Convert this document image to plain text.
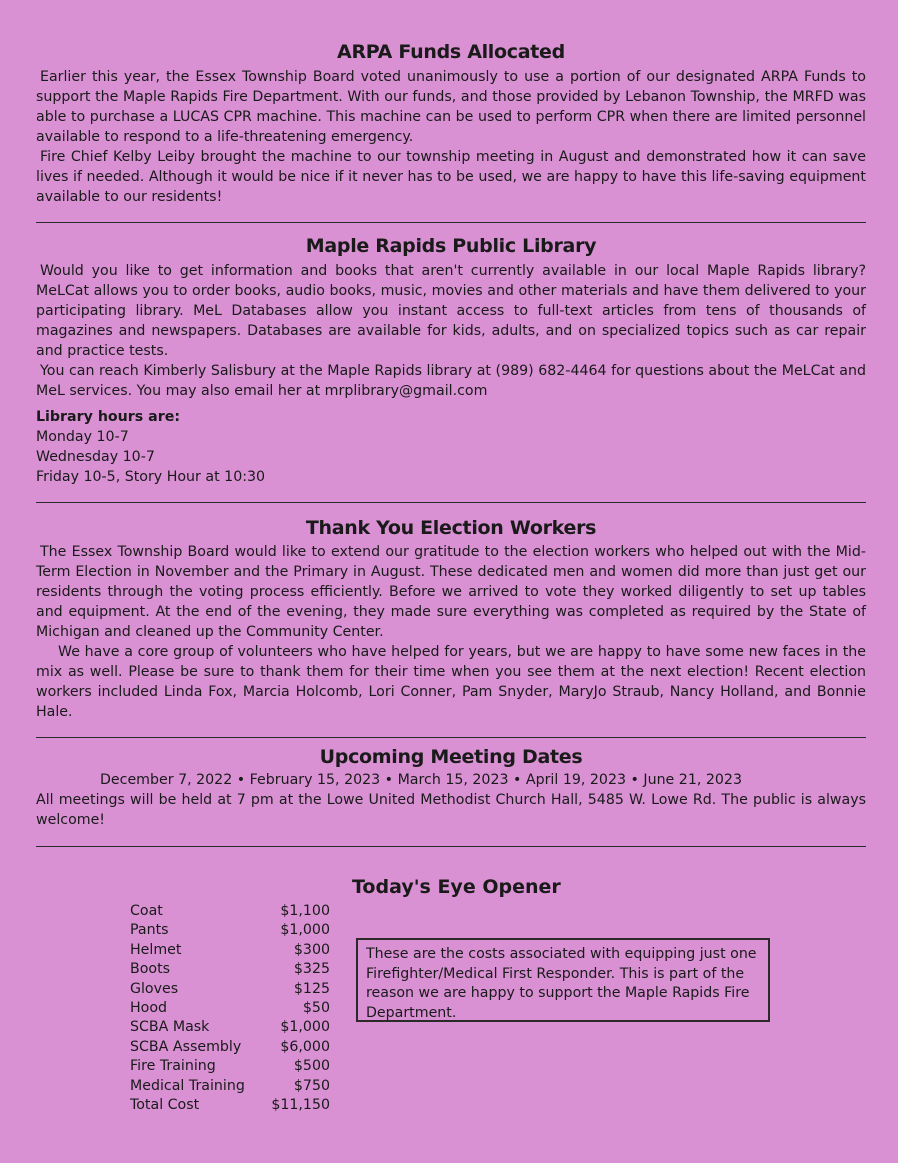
ARPA Funds Allocated

Earlier this year, the Essex Township Board voted unanimously to use a portion of our designated ARPA Funds to support the Maple Rapids Fire Department. With our funds, and those provided by Lebanon Township, the MRFD was able to purchase a LUCAS CPR machine. This machine can be used to perform CPR when there are limited personnel available to respond to a life-threatening emergency.

Fire Chief Kelby Leiby brought the machine to our township meeting in August and demonstrated how it can save lives if needed. Although it would be nice if it never has to be used, we are happy to have this life-saving equipment available to our residents!

Maple Rapids Public Library

Would you like to get information and books that aren't currently available in our local Maple Rapids library? MeLCat allows you to order books, audio books, music, movies and other materials and have them delivered to your participating library. MeL Databases allow you instant access to full-text articles from tens of thousands of magazines and newspapers. Databases are available for kids, adults, and on specialized topics such as car repair and practice tests.

You can reach Kimberly Salisbury at the Maple Rapids library at (989) 682-4464 for questions about the MeLCat and MeL services. You may also email her at mrplibrary@gmail.com

Library hours are:
Monday 10-7
Wednesday 10-7
Friday 10-5, Story Hour at 10:30
Thank You Election Workers

The Essex Township Board would like to extend our gratitude to the election workers who helped out with the Mid-Term Election in November and the Primary in August. These dedicated men and women did more than just get our residents through the voting process efficiently. Before we arrived to vote they worked diligently to set up tables and equipment. At the end of the evening, they made sure everything was completed as required by the State of Michigan and cleaned up the Community Center.

We have a core group of volunteers who have helped for years, but we are happy to have some new faces in the mix as well. Please be sure to thank them for their time when you see them at the next election! Recent election workers included Linda Fox, Marcia Holcomb, Lori Conner, Pam Snyder, MaryJo Straub, Nancy Holland, and Bonnie Hale.

Upcoming Meeting Dates
December 7, 2022 • February 15, 2023 • March 15, 2023 • April 19, 2023 • June 21, 2023

All meetings will be held at 7 pm at the Lowe United Methodist Church Hall, 5485 W. Lowe Rd. The public is always welcome!

Today's Eye Opener
Coat	$1,100
Pants	$1,000
Helmet	$300
Boots	$325
Gloves	$125
Hood	$50
SCBA Mask	$1,000
SCBA Assembly	$6,000
Fire Training	$500
Medical Training	$750
Total Cost	$11,150
These are the costs associated with equipping just one Firefighter/Medical First Responder. This is part of the reason we are happy to support the Maple Rapids Fire Department.
